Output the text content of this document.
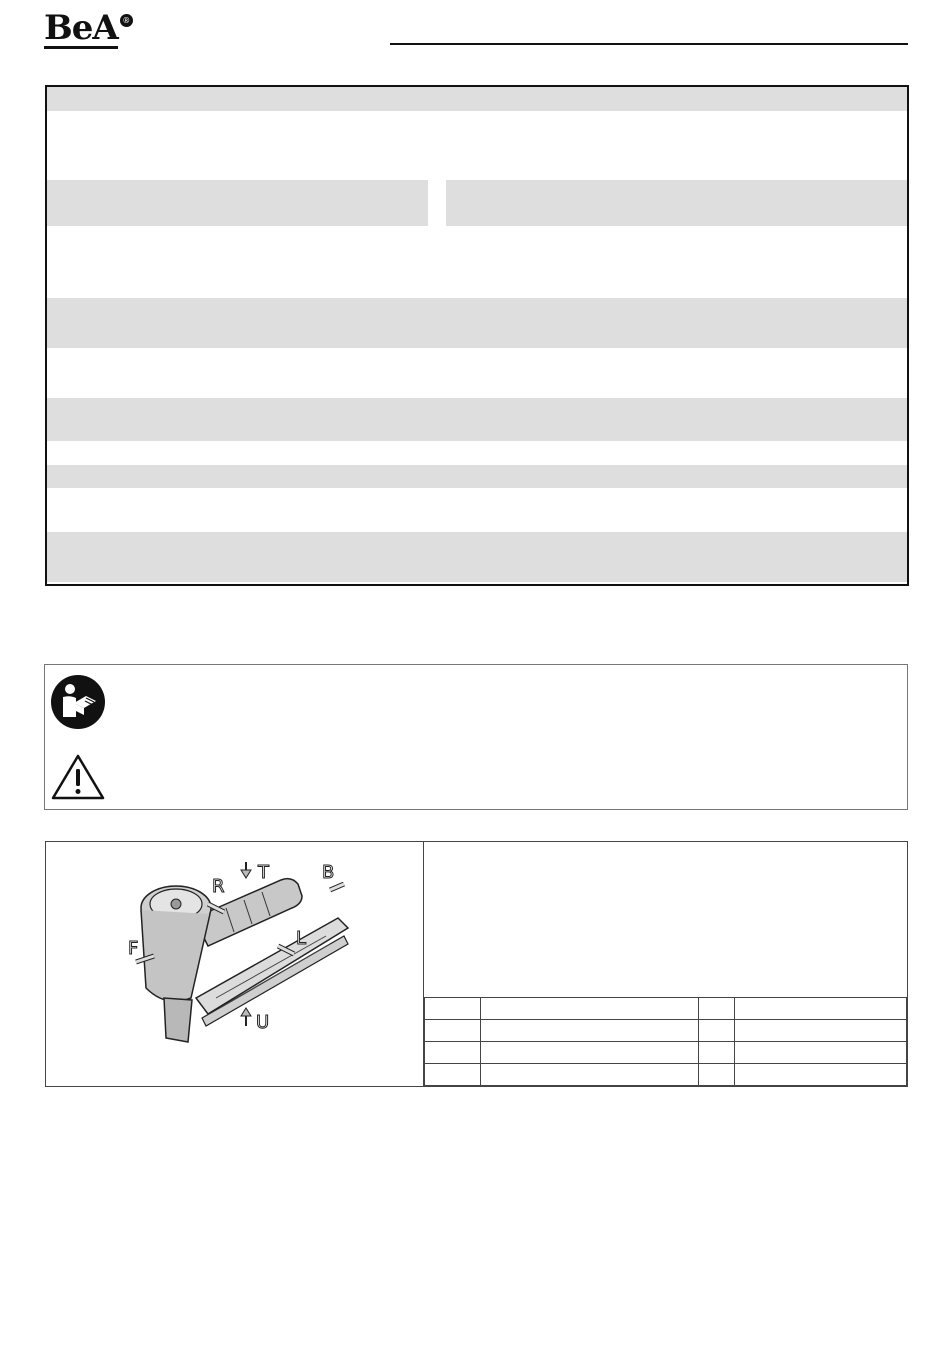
BeA ®
T	B
R
F	L
U
